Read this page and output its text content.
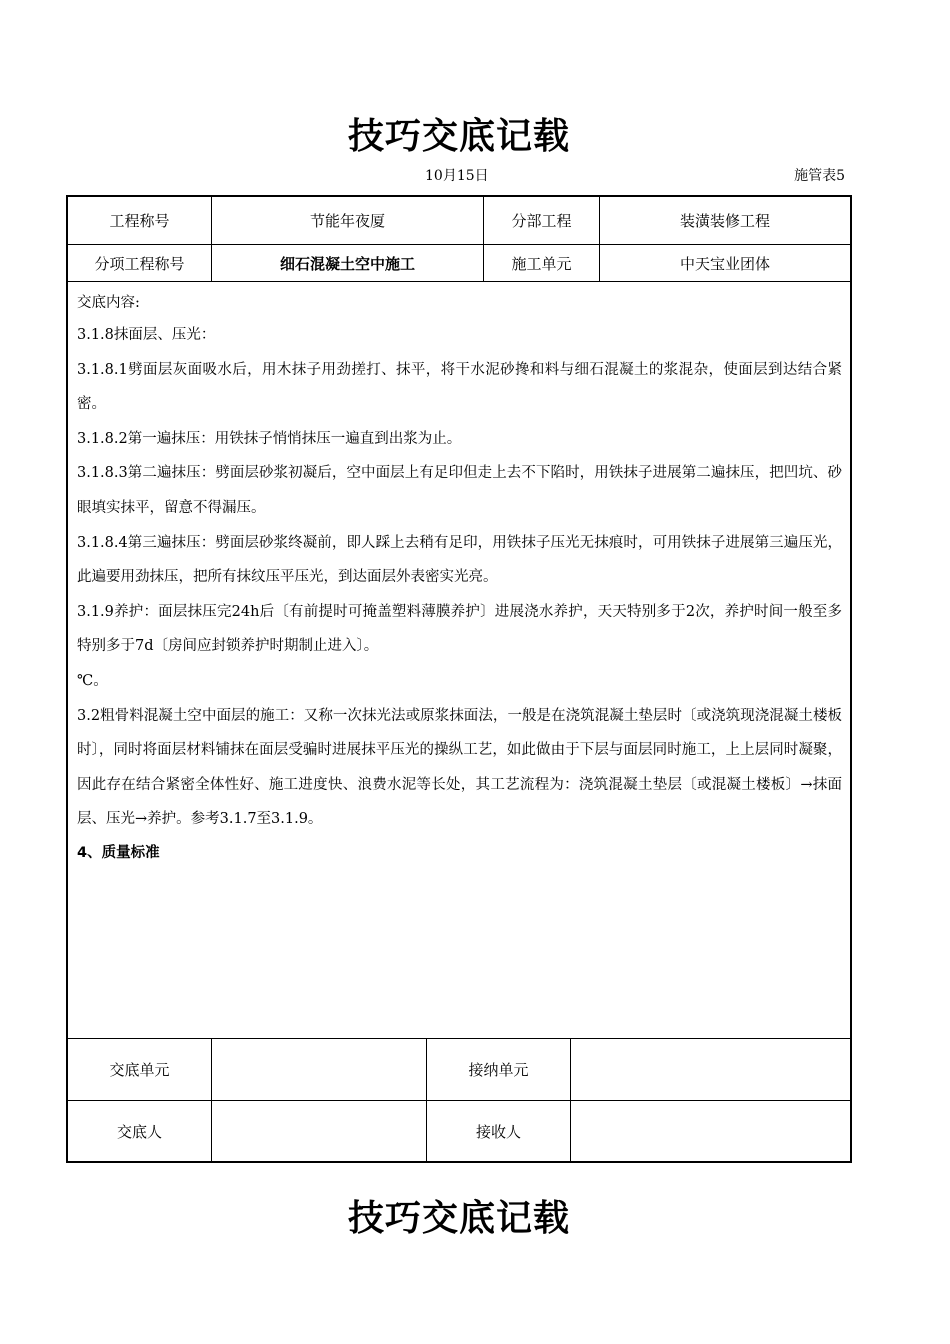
技巧交底记载
10月15日	施管表5
工程称号	节能年夜厦	分部工程	装潢装修工程
分项工程称号	细石混凝土空中施工	施工单元	中天宝业团体

交底内容:

3.1.8抹面层、压光：

3.1.8.1劈面层灰面吸水后，用木抹子用劲搓打、抹平，将干水泥砂搀和料与细石混凝土的浆混杂，使面层到达结合紧密。

3.1.8.2第一遍抹压：用铁抹子悄悄抹压一遍直到出浆为止。

3.1.8.3第二遍抹压：劈面层砂浆初凝后，空中面层上有足印但走上去不下陷时，用铁抹子进展第二遍抹压，把凹坑、砂眼填实抹平，留意不得漏压。

3.1.8.4第三遍抹压：劈面层砂浆终凝前，即人踩上去稍有足印，用铁抹子压光无抹痕时，可用铁抹子进展第三遍压光，此遍要用劲抹压，把所有抹纹压平压光，到达面层外表密实光亮。

3.1.9养护：面层抹压完24h后〔有前提时可掩盖塑料薄膜养护〕进展浇水养护，天天特别多于2次，养护时间一般至多特别多于7d〔房间应封锁养护时期制止进入〕。

℃。

3.2粗骨料混凝土空中面层的施工：又称一次抹光法或原浆抹面法，一般是在浇筑混凝土垫层时〔或浇筑现浇混凝土楼板时〕，同时将面层材料铺抹在面层受骗时进展抹平压光的操纵工艺，如此做由于下层与面层同时施工，上上层同时凝聚，因此存在结合紧密全体性好、施工进度快、浪费水泥等长处，其工艺流程为：浇筑混凝土垫层〔或混凝土楼板〕→抹面层、压光→养护。参考3.1.7至3.1.9。

4、质量标准

交底单元	接纳单元
交底人	接收人
技巧交底记载
